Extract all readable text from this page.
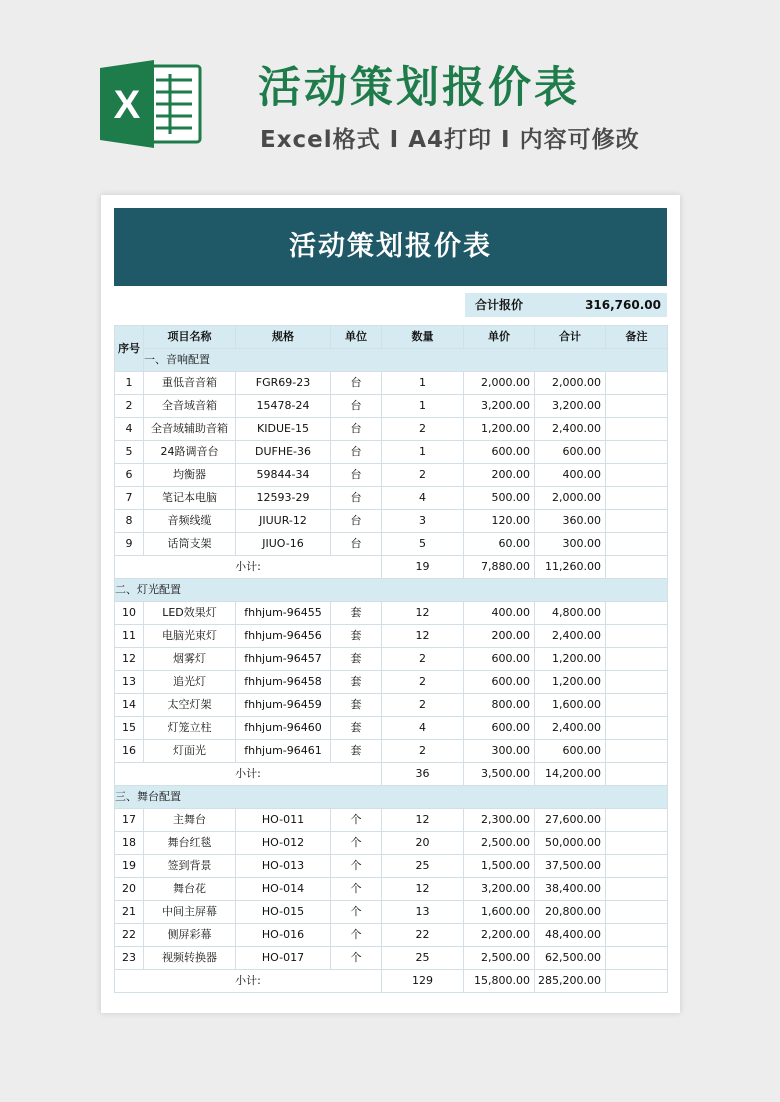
X	活动策划报价表
Excel格式 I A4打印 I 内容可修改
活动策划报价表
合计报价	316,760.00
序号	项目名称	规格	单位	数量	单价	合计	备注
	一、音响配置						
1	重低音音箱	FGR69-23	台	1	2,000.00	2,000.00	
2	全音域音箱	15478-24	台	1	3,200.00	3,200.00	
4	全音域辅助音箱	KIDUE-15	台	2	1,200.00	2,400.00	
5	24路调音台	DUFHE-36	台	1	600.00	600.00	
6	均衡器	59844-34	台	2	200.00	400.00	
7	笔记本电脑	12593-29	台	4	500.00	2,000.00	
8	音频线缆	JIUUR-12	台	3	120.00	360.00	
9	话筒支架	JIUO-16	台	5	60.00	300.00	
小计:				19	7,880.00	11,260.00	
二、灯光配置							
10	LED效果灯	fhhjum-96455	套	12	400.00	4,800.00	
11	电脑光束灯	fhhjum-96456	套	12	200.00	2,400.00	
12	烟雾灯	fhhjum-96457	套	2	600.00	1,200.00	
13	追光灯	fhhjum-96458	套	2	600.00	1,200.00	
14	太空灯架	fhhjum-96459	套	2	800.00	1,600.00	
15	灯笼立柱	fhhjum-96460	套	4	600.00	2,400.00	
16	灯面光	fhhjum-96461	套	2	300.00	600.00	
小计:				36	3,500.00	14,200.00	
三、舞台配置							
17	主舞台	HO-011	个	12	2,300.00	27,600.00	
18	舞台红毯	HO-012	个	20	2,500.00	50,000.00	
19	签到背景	HO-013	个	25	1,500.00	37,500.00	
20	舞台花	HO-014	个	12	3,200.00	38,400.00	
21	中间主屏幕	HO-015	个	13	1,600.00	20,800.00	
22	侧屏彩幕	HO-016	个	22	2,200.00	48,400.00	
23	视频转换器	HO-017	个	25	2,500.00	62,500.00	
小计:				129	15,800.00	285,200.00	
